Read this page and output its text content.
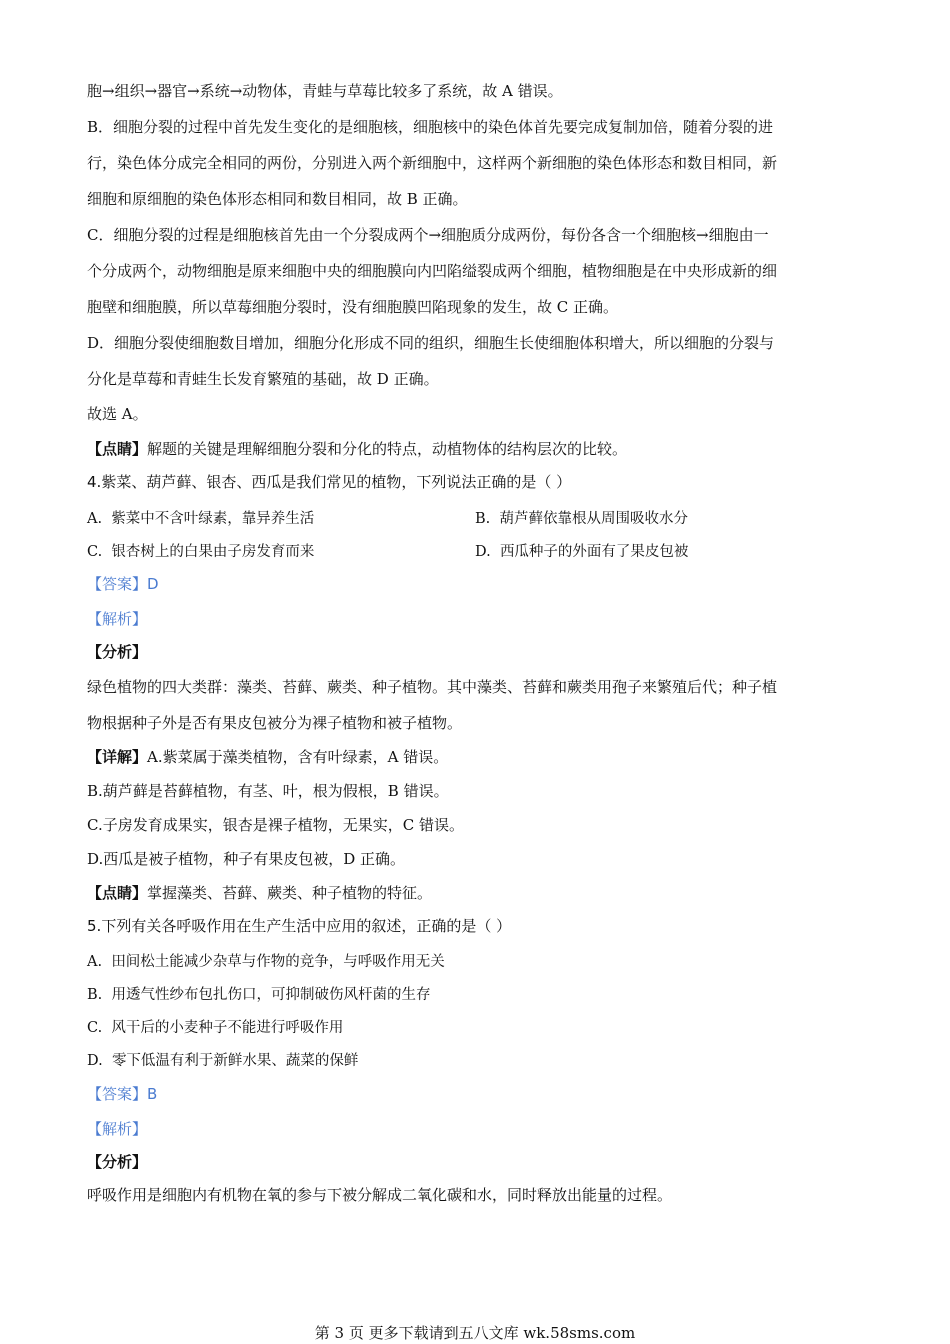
胞→组织→器官→系统→动物体，青蛙与草莓比较多了系统，故 A 错误。
B．细胞分裂的过程中首先发生变化的是细胞核，细胞核中的染色体首先要完成复制加倍，随着分裂的进
行，染色体分成完全相同的两份，分别进入两个新细胞中，这样两个新细胞的染色体形态和数目相同，新
细胞和原细胞的染色体形态相同和数目相同，故 B 正确。
C．细胞分裂的过程是细胞核首先由一个分裂成两个→细胞质分成两份，每份各含一个细胞核→细胞由一
个分成两个，动物细胞是原来细胞中央的细胞膜向内凹陷缢裂成两个细胞，植物细胞是在中央形成新的细
胞壁和细胞膜，所以草莓细胞分裂时，没有细胞膜凹陷现象的发生，故 C 正确。
D．细胞分裂使细胞数目增加，细胞分化形成不同的组织，细胞生长使细胞体积增大，所以细胞的分裂与
分化是草莓和青蛙生长发育繁殖的基础，故 D 正确。
故选 A。
【点睛】解题的关键是理解细胞分裂和分化的特点，动植物体的结构层次的比较。
4.紫菜、葫芦藓、银杏、西瓜是我们常见的植物，下列说法正确的是（ ）
A. 紫菜中不含叶绿素，靠异养生活	B. 葫芦藓依靠根从周围吸收水分
C. 银杏树上的白果由子房发育而来	D. 西瓜种子的外面有了果皮包被
【答案】D
【解析】
【分析】
绿色植物的四大类群：藻类、苔藓、蕨类、种子植物。其中藻类、苔藓和蕨类用孢子来繁殖后代；种子植
物根据种子外是否有果皮包被分为裸子植物和被子植物。
【详解】A.紫菜属于藻类植物，含有叶绿素，A 错误。
B.葫芦藓是苔藓植物，有茎、叶，根为假根，B 错误。
C.子房发育成果实，银杏是裸子植物，无果实，C 错误。
D.西瓜是被子植物，种子有果皮包被，D 正确。
【点睛】掌握藻类、苔藓、蕨类、种子植物的特征。
5.下列有关各呼吸作用在生产生活中应用的叙述，正确的是（ ）
A. 田间松土能减少杂草与作物的竞争，与呼吸作用无关
B. 用透气性纱布包扎伤口，可抑制破伤风杆菌的生存
C. 风干后的小麦种子不能进行呼吸作用
D. 零下低温有利于新鲜水果、蔬菜的保鲜
【答案】B
【解析】
【分析】
呼吸作用是细胞内有机物在氧的参与下被分解成二氧化碳和水，同时释放出能量的过程。
第 3 页 更多下载请到五八文库 wk.58sms.com
